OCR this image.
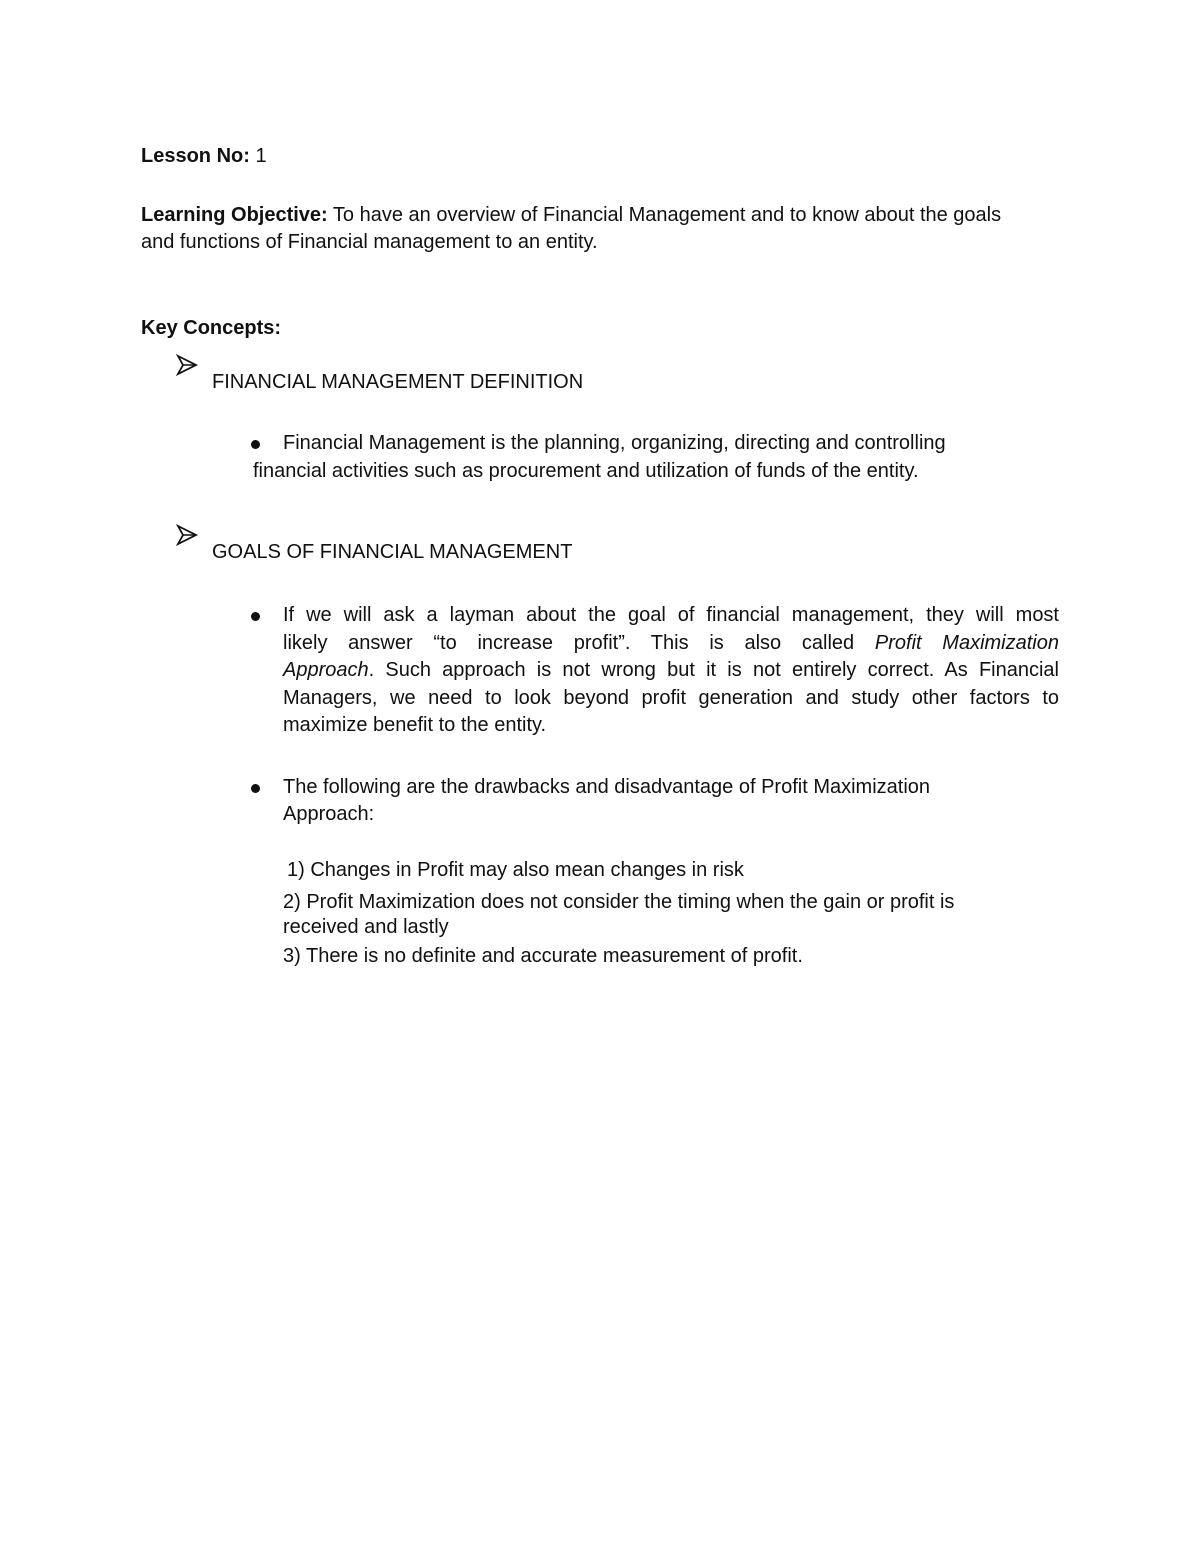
Lesson No: 1
Learning Objective: To have an overview of Financial Management and to know about the goals
and functions of Financial management to an entity.
Key Concepts:
FINANCIAL MANAGEMENT DEFINITION
Financial Management is the planning, organizing, directing and controlling
financial activities such as procurement and utilization of funds of the entity.
GOALS OF FINANCIAL MANAGEMENT
If we will ask a layman about the goal of financial management, they will most
likely answer “to increase profit”. This is also called Profit Maximization
Approach. Such approach is not wrong but it is not entirely correct. As Financial
Managers, we need to look beyond profit generation and study other factors to
maximize benefit to the entity.
The following are the drawbacks and disadvantage of Profit Maximization
Approach:
1) Changes in Profit may also mean changes in risk
2) Profit Maximization does not consider the timing when the gain or profit is
received and lastly
3) There is no definite and accurate measurement of profit.
